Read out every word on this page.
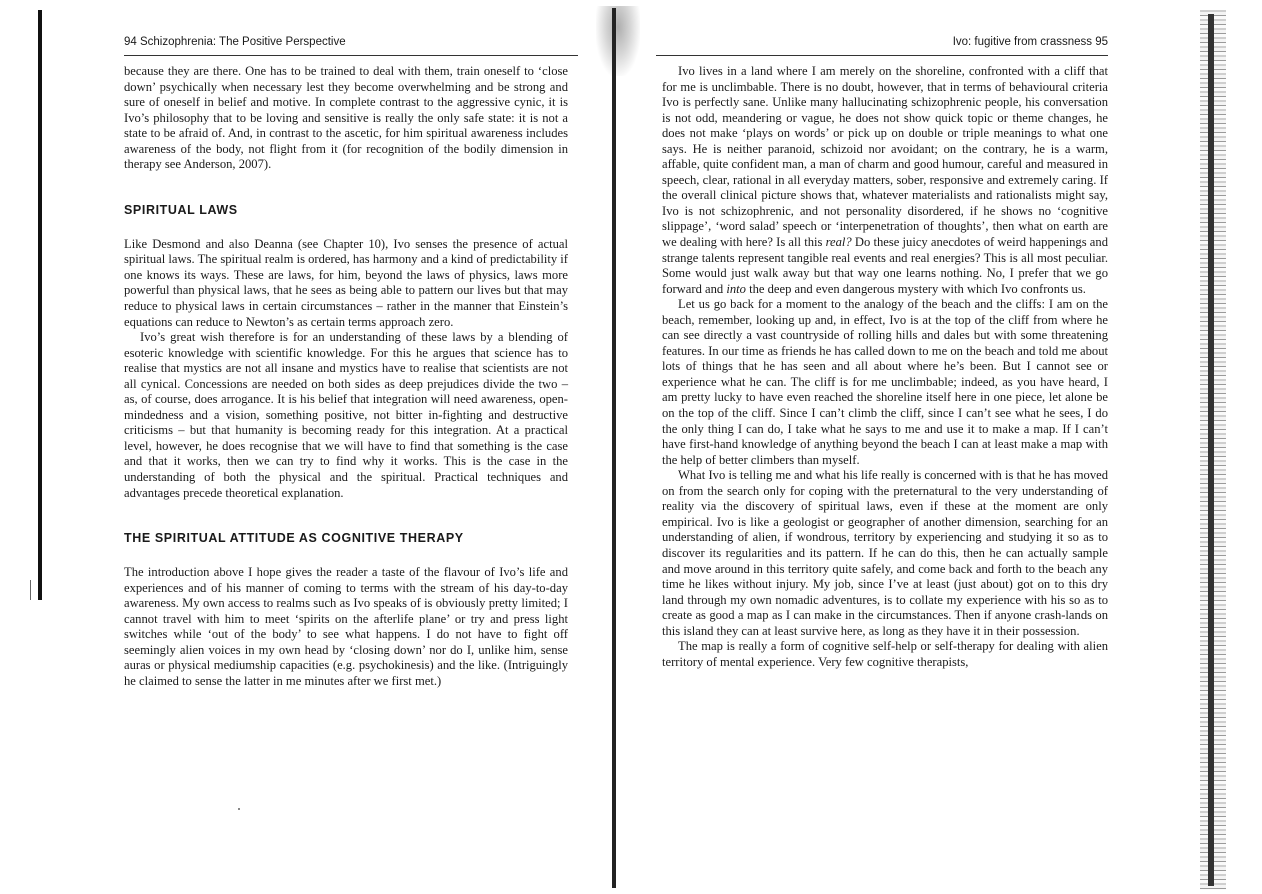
94 Schizophrenia: The Positive Perspective

because they are there. One has to be trained to deal with them, train oneself to ‘close down’ psychically when necessary lest they become overwhelming and be strong and sure of oneself in belief and motive. In complete contrast to the aggressive cynic, it is Ivo’s philosophy that to be loving and sensitive is really the only safe state: it is not a state to be afraid of. And, in contrast to the ascetic, for him spiritual awareness includes awareness of the body, not flight from it (for recognition of the bodily dimension in therapy see Anderson, 2007).

SPIRITUAL LAWS

Like Desmond and also Deanna (see Chapter 10), Ivo senses the presence of actual spiritual laws. The spiritual realm is ordered, has harmony and a kind of predictability if one knows its ways. These are laws, for him, beyond the laws of physics, laws more powerful than physical laws, that he sees as being able to pattern our lives but that may reduce to physical laws in certain circumstances – rather in the manner that Einstein’s equations can reduce to Newton’s as certain terms approach zero.

Ivo’s great wish therefore is for an understanding of these laws by a blending of esoteric knowledge with scientific knowledge. For this he argues that science has to realise that mystics are not all insane and mystics have to realise that scientists are not all cynical. Concessions are needed on both sides as deep prejudices divide the two – as, of course, does arrogance. It is his belief that integration will need awareness, open-mindedness and a vision, something positive, not bitter in-fighting and destructive criticisms – but that humanity is becoming ready for this integration. At a practical level, however, he does recognise that we will have to find that something is the case and that it works, then we can try to find why it works. This is the case in the understanding of both the physical and the spiritual. Practical techniques and advantages precede theoretical explanation.

THE SPIRITUAL ATTITUDE AS COGNITIVE THERAPY

The introduction above I hope gives the reader a taste of the flavour of Ivo’s life and experiences and of his manner of coming to terms with the stream of his day-to-day awareness. My own access to realms such as Ivo speaks of is obviously pretty limited; I cannot travel with him to meet ‘spirits on the afterlife plane’ or try and press light switches while ‘out of the body’ to see what happens. I do not have to fight off seemingly alien voices in my own head by ‘closing down’ nor do I, unlike him, sense auras or physical mediumship capacities (e.g. psychokinesis) and the like. (Intriguingly he claimed to sense the latter in me minutes after we first met.)

Ivo: fugitive from crassness 95

Ivo lives in a land where I am merely on the shoreline, confronted with a cliff that for me is unclimbable. There is no doubt, however, that in terms of behavioural criteria Ivo is perfectly sane. Unlike many hallucinating schizophrenic people, his conversation is not odd, meandering or vague, he does not show quick topic or theme changes, he does not make ‘plays on words’ or pick up on double or triple meanings to what one says. He is neither paranoid, schizoid nor avoidant; on the contrary, he is a warm, affable, quite confident man, a man of charm and good humour, careful and measured in speech, clear, rational in all everyday matters, sober, responsive and extremely caring. If the overall clinical picture shows that, whatever materialists and rationalists might say, Ivo is not schizophrenic, and not personality disordered, if he shows no ‘cognitive slippage’, ‘word salad’ speech or ‘interpenetration of thoughts’, then what on earth are we dealing with here? Is all this real? Do these juicy anecdotes of weird happenings and strange talents represent tangible real events and real energies? This is all most peculiar. Some would just walk away but that way one learns nothing. No, I prefer that we go forward and into the deep and even dangerous mystery with which Ivo confronts us.

Let us go back for a moment to the analogy of the beach and the cliffs: I am on the beach, remember, looking up and, in effect, Ivo is at the top of the cliff from where he can see directly a vast countryside of rolling hills and dales but with some threatening features. In our time as friends he has called down to me on the beach and told me about lots of things that he has seen and all about where he’s been. But I cannot see or experience what he can. The cliff is for me unclimbable; indeed, as you have heard, I am pretty lucky to have even reached the shoreline itself here in one piece, let alone be on the top of the cliff. Since I can’t climb the cliff, since I can’t see what he sees, I do the only thing I can do, I take what he says to me and use it to make a map. If I can’t have first-hand knowledge of anything beyond the beach I can at least make a map with the help of better climbers than myself.

What Ivo is telling me and what his life really is concerned with is that he has moved on from the search only for coping with the preternatural to the very understanding of reality via the discovery of spiritual laws, even if these at the moment are only empirical. Ivo is like a geologist or geographer of another dimension, searching for an understanding of alien, if wondrous, territory by experiencing and studying it so as to discover its regularities and its pattern. If he can do this, then he can actually sample and move around in this territory quite safely, and come back and forth to the beach any time he likes without injury. My job, since I’ve at least (just about) got on to this dry land through my own nomadic adventures, is to collate my experience with his so as to create as good a map as I can make in the circumstances. Then if anyone crash-lands on this island they can at least survive here, as long as they have it in their possession.

The map is really a form of cognitive self-help or self-therapy for dealing with alien territory of mental experience. Very few cognitive therapists,
